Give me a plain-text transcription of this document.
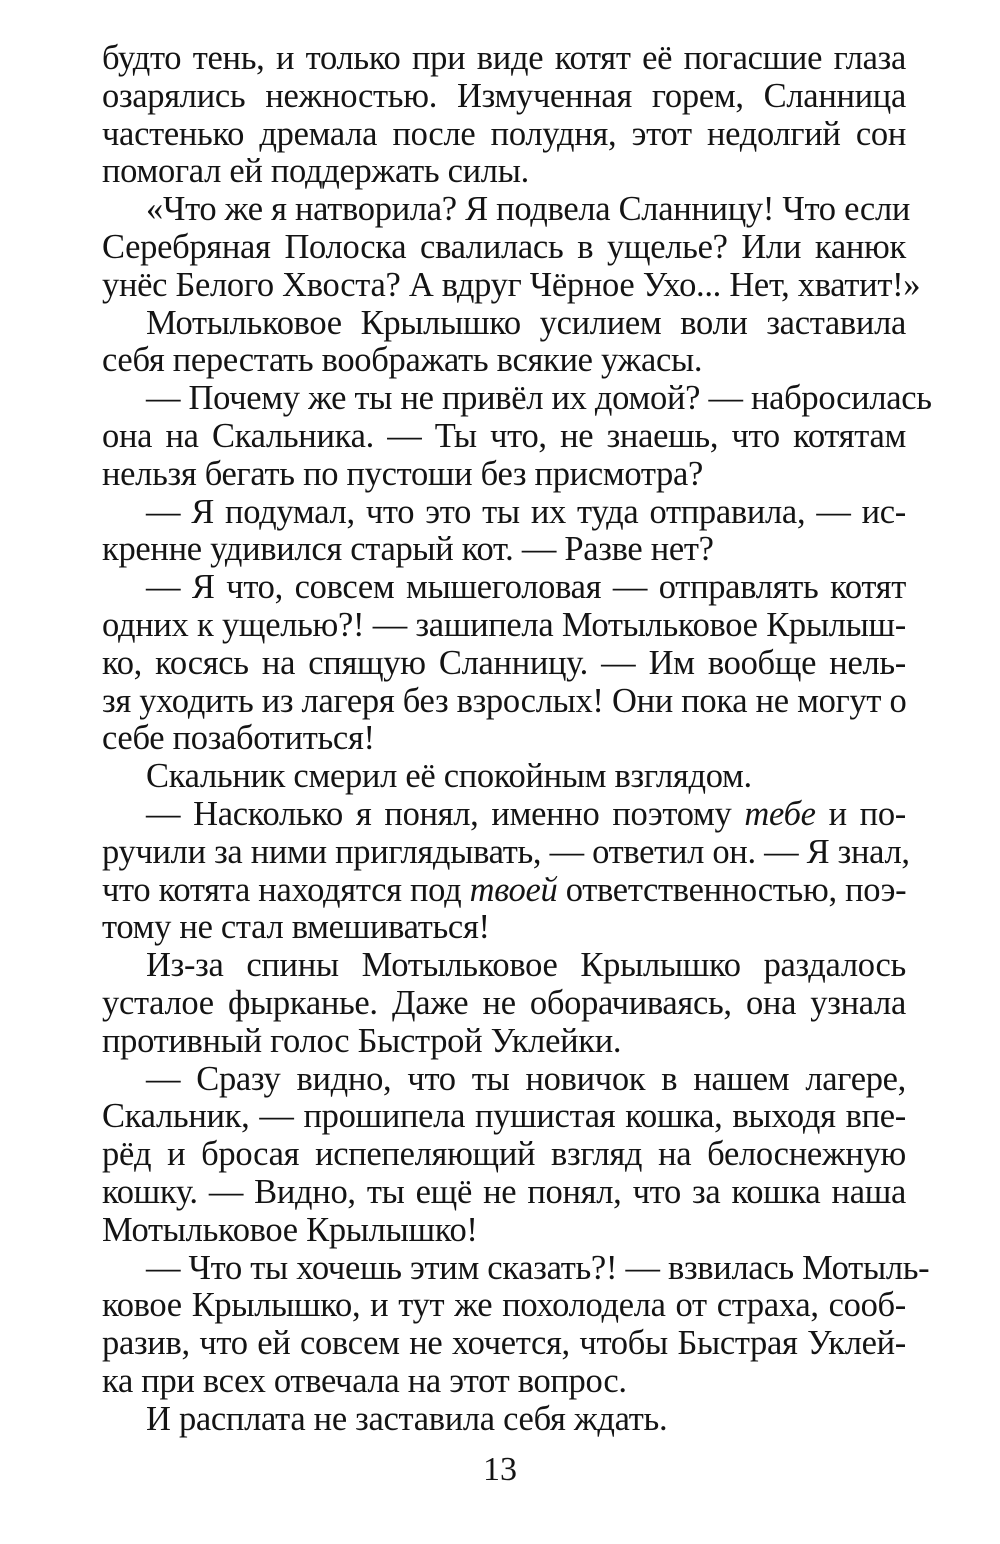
будто тень, и только при виде котят её погасшие глаза
озарялись нежностью. Измученная горем, Сланница
частенько дремала после полудня, этот недолгий сон
помогал ей поддержать силы.
«Что же я натворила? Я подвела Сланницу! Что если
Серебряная Полоска свалилась в ущелье? Или канюк
унёс Белого Хвоста? А вдруг Чёрное Ухо... Нет, хватит!»
Мотыльковое Крылышко усилием воли заставила
себя перестать воображать всякие ужасы.
— Почему же ты не привёл их домой? — набросилась
она на Скальника. — Ты что, не знаешь, что котятам
нельзя бегать по пустоши без присмотра?
— Я подумал, что это ты их туда отправила, — ис-
кренне удивился старый кот. — Разве нет?
— Я что, совсем мышеголовая — отправлять котят
одних к ущелью?! — зашипела Мотыльковое Крылыш-
ко, косясь на спящую Сланницу. — Им вообще нель-
зя уходить из лагеря без взрослых! Они пока не могут о
себе позаботиться!
Скальник смерил её спокойным взглядом.
— Насколько я понял, именно поэтому тебе и по-
ручили за ними приглядывать, — ответил он. — Я знал,
что котята находятся под твоей ответственностью, поэ-
тому не стал вмешиваться!
Из-за спины Мотыльковое Крылышко раздалось
усталое фырканье. Даже не оборачиваясь, она узнала
противный голос Быстрой Уклейки.
— Сразу видно, что ты новичок в нашем лагере,
Скальник, — прошипела пушистая кошка, выходя впе-
рёд и бросая испепеляющий взгляд на белоснежную
кошку. — Видно, ты ещё не понял, что за кошка наша
Мотыльковое Крылышко!
— Что ты хочешь этим сказать?! — взвилась Мотыль-
ковое Крылышко, и тут же похолодела от страха, сооб-
разив, что ей совсем не хочется, чтобы Быстрая Уклей-
ка при всех отвечала на этот вопрос.
И расплата не заставила себя ждать.
13
